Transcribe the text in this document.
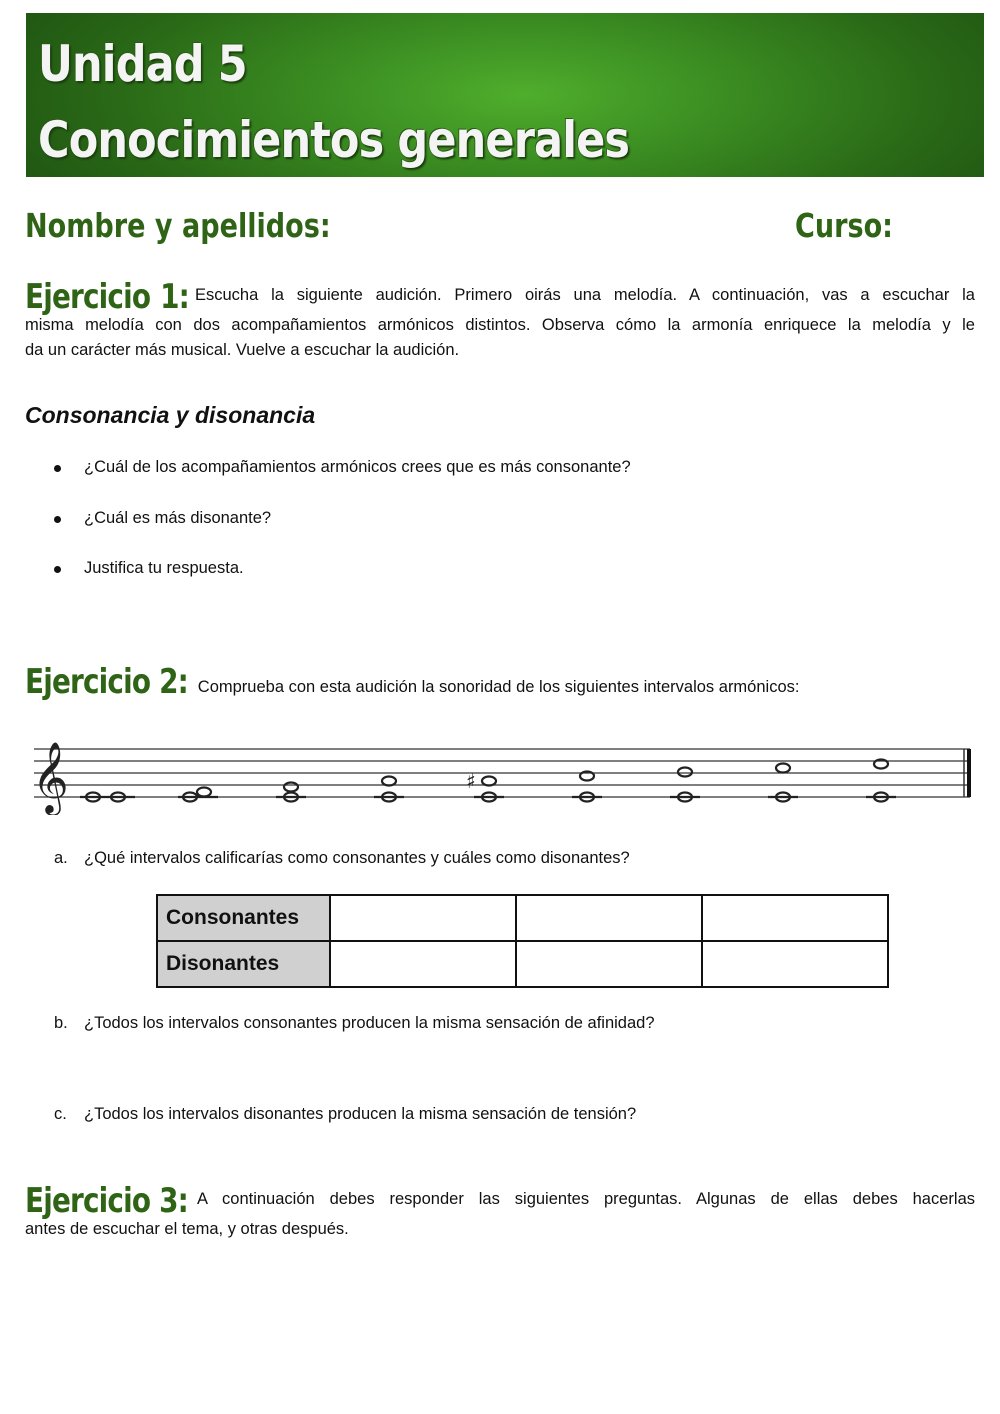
Unidad 5
Conocimientos generales
Nombre y apellidos:	Curso:
Ejercicio 1: Escucha la siguiente audición. Primero oirás una melodía. A continuación, vas a escuchar la
misma melodía con dos acompañamientos armónicos distintos. Observa cómo la armonía enriquece la melodía y le
da un carácter más musical. Vuelve a escuchar la audición.
Consonancia y disonancia
¿Cuál de los acompañamientos armónicos crees que es más consonante?
¿Cuál es más disonante?
Justifica tu respuesta.
Ejercicio 2: Comprueba con esta audición la sonoridad de los siguientes intervalos armónicos:
𝄞	♯
a. ¿Qué intervalos calificarías como consonantes y cuáles como disonantes?
Consonantes			
Disonantes			
b. ¿Todos los intervalos consonantes producen la misma sensación de afinidad?
c. ¿Todos los intervalos disonantes producen la misma sensación de tensión?
Ejercicio 3: A continuación debes responder las siguientes preguntas. Algunas de ellas debes hacerlas
antes de escuchar el tema, y otras después.
